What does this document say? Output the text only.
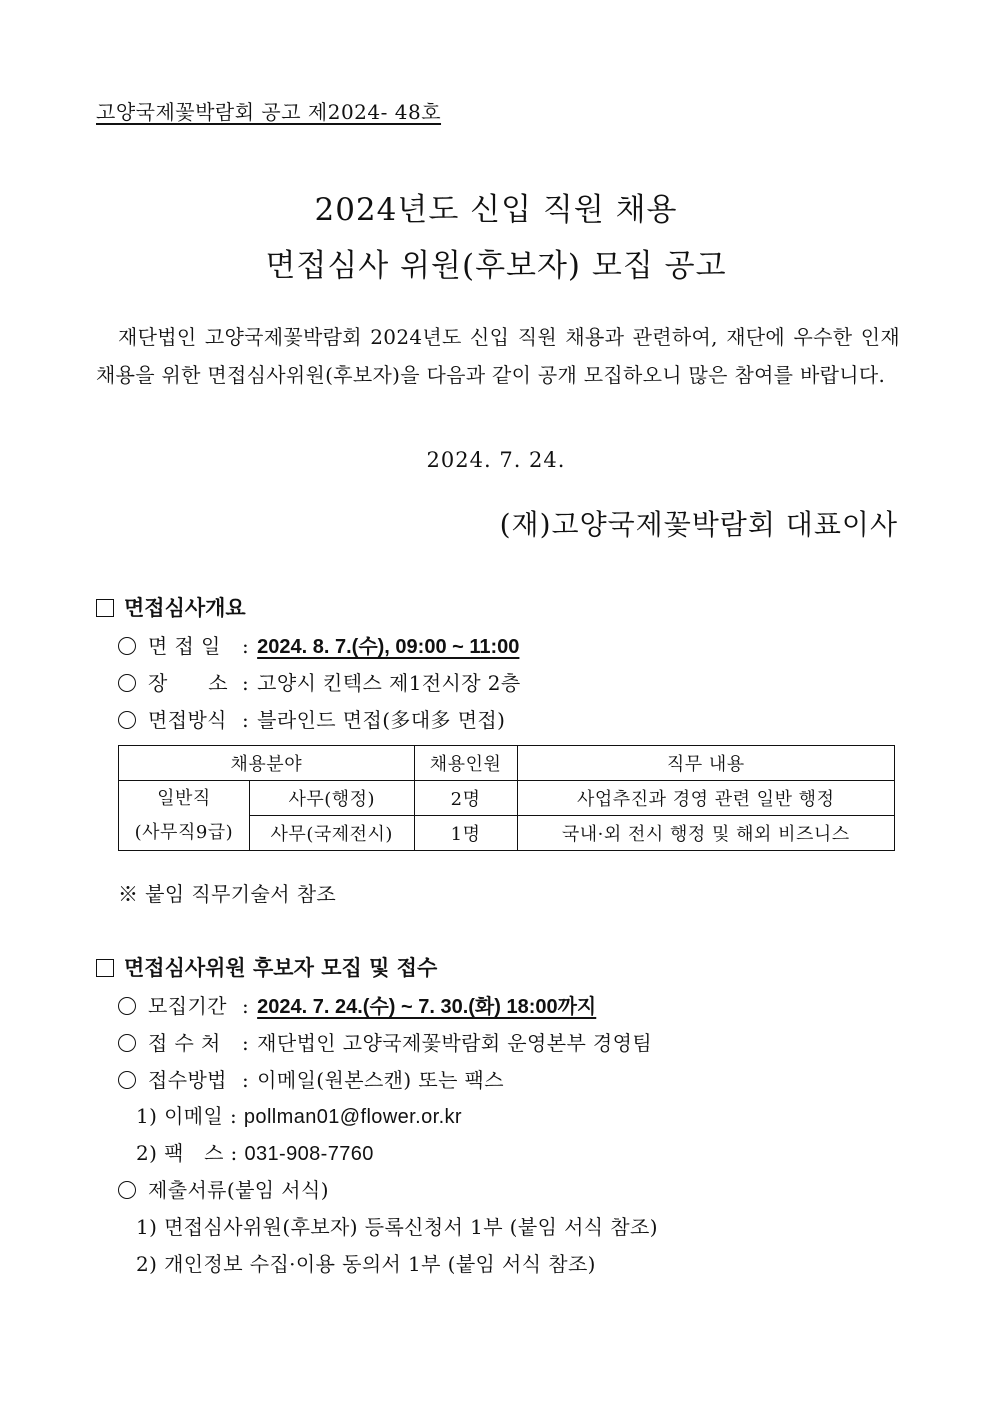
고양국제꽃박람회 공고 제2024- 48호
2024년도 신입 직원 채용
면접심사 위원(후보자) 모집 공고
재단법인 고양국제꽃박람회 2024년도 신입 직원 채용과 관련하여, 재단에 우수한 인재채용을 위한 면접심사위원(후보자)을 다음과 같이 공개 모집하오니 많은 참여를 바랍니다.
2024. 7. 24.
(재)고양국제꽃박람회 대표이사
면접심사개요
면 접 일 : 2024. 8. 7.(수), 09:00 ~ 11:00
장      소 : 고양시 킨텍스 제1전시장 2층
면접방식 : 블라인드 면접(多대多 면접)
채용분야		채용인원	직무 내용
일반직
(사무직9급)	사무(행정)	2명	사업추진과 경영 관련 일반 행정
	사무(국제전시)	1명	국내·외 전시 행정 및 해외 비즈니스
※ 붙임 직무기술서 참조
면접심사위원 후보자 모집 및 접수
모집기간 : 2024. 7. 24.(수) ~ 7. 30.(화) 18:00까지
접 수 처 : 재단법인 고양국제꽃박람회 운영본부 경영팀
접수방법 : 이메일(원본스캔) 또는 팩스
1) 이메일 : pollman01@flower.or.kr
2) 팩   스 : 031-908-7760
제출서류(붙임 서식)
1) 면접심사위원(후보자) 등록신청서 1부 (붙임 서식 참조)
2) 개인정보 수집·이용 동의서 1부 (붙임 서식 참조)
